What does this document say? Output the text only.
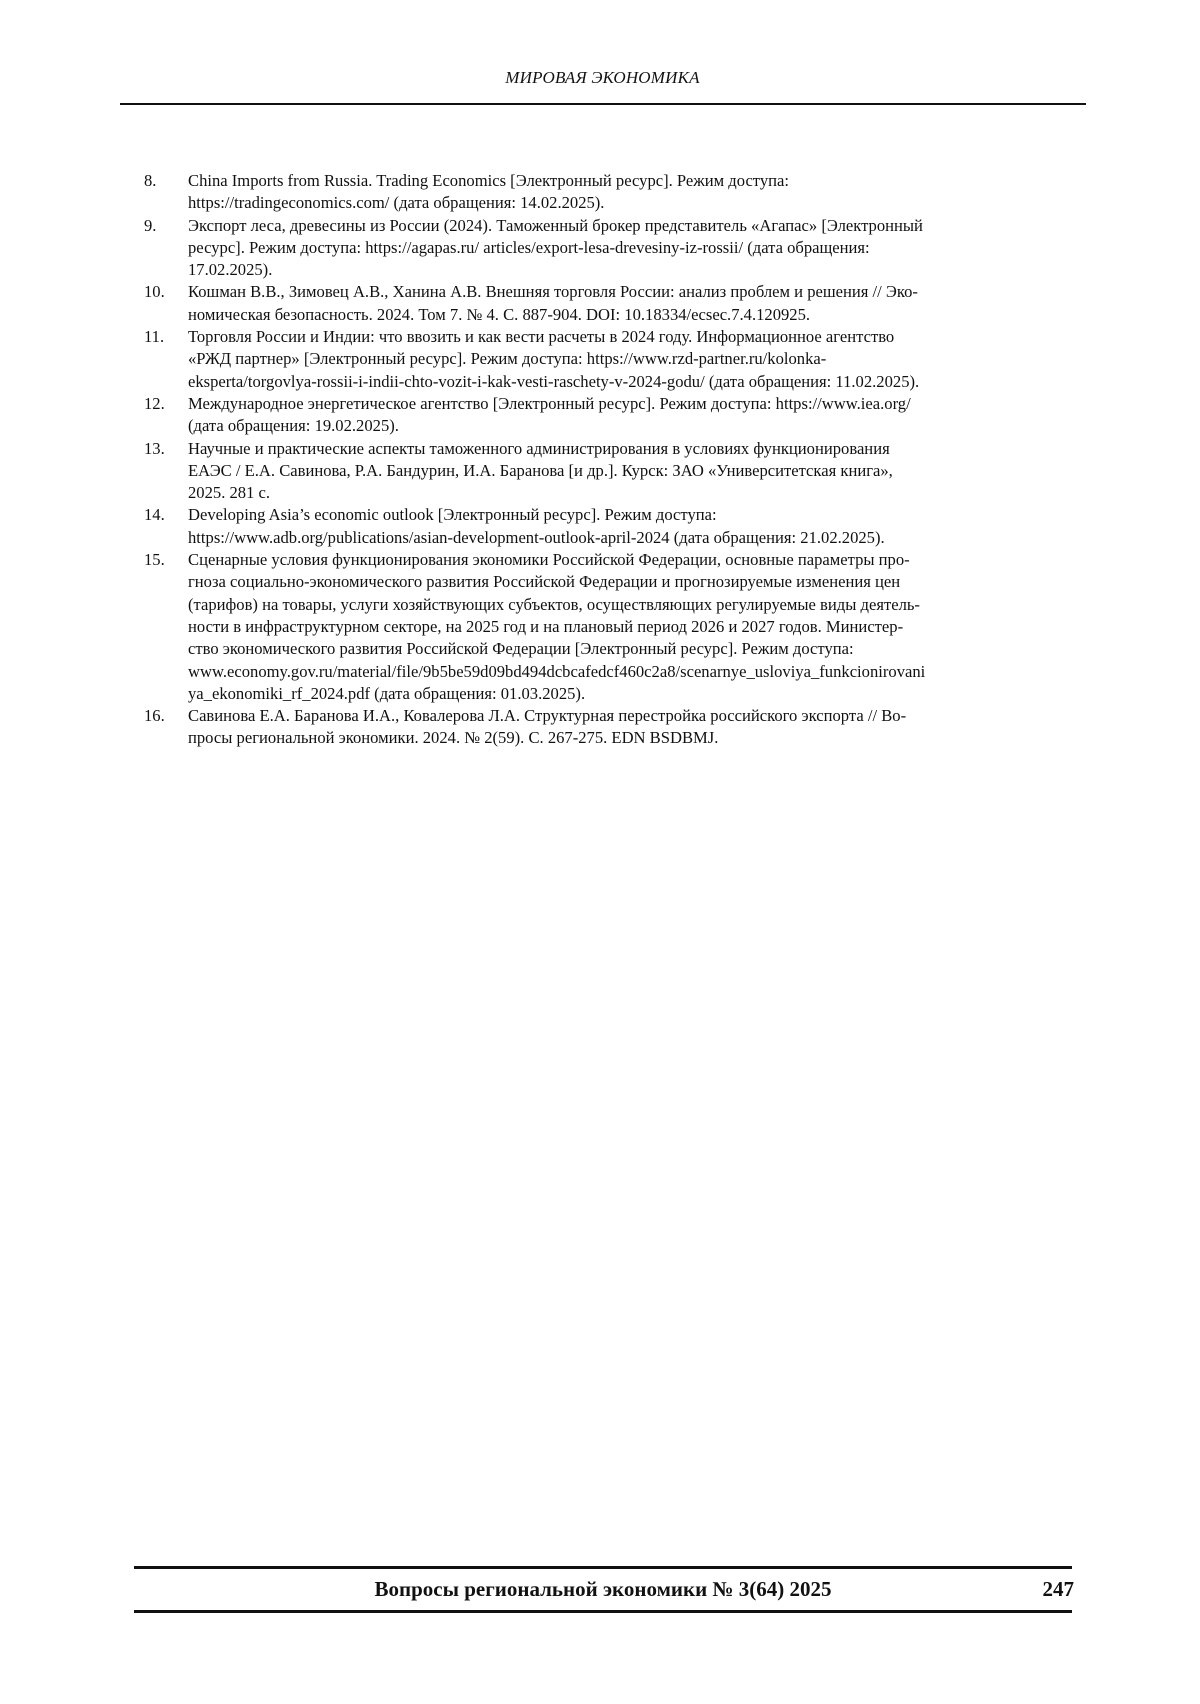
МИРОВАЯ ЭКОНОМИКА
8.	China Imports from Russia. Trading Economics [Электронный ресурс]. Режим доступа:
https://tradingeconomics.com/ (дата обращения: 14.02.2025).
9.	Экспорт леса, древесины из России (2024). Таможенный брокер представитель «Агапас» [Электронный
ресурс]. Режим доступа: https://agapas.ru/ articles/export-lesa-drevesiny-iz-rossii/ (дата обращения:
17.02.2025).
10.	Кошман В.В., Зимовец А.В., Ханина А.В. Внешняя торговля России: анализ проблем и решения // Эко-
номическая безопасность. 2024. Том 7. № 4. С. 887-904. DOI: 10.18334/ecsec.7.4.120925.
11.	Торговля России и Индии: что ввозить и как вести расчеты в 2024 году. Информационное агентство
«РЖД партнер» [Электронный ресурс]. Режим доступа: https://www.rzd-partner.ru/kolonka-
eksperta/torgovlya-rossii-i-indii-chto-vozit-i-kak-vesti-raschety-v-2024-godu/ (дата обращения: 11.02.2025).
12.	Международное энергетическое агентство [Электронный ресурс]. Режим доступа: https://www.iea.org/
(дата обращения: 19.02.2025).
13.	Научные и практические аспекты таможенного администрирования в условиях функционирования
ЕАЭС / Е.А. Савинова, Р.А. Бандурин, И.А. Баранова [и др.]. Курск: ЗАО «Университетская книга»,
2025. 281 с.
14.	Developing Asia’s economic outlook [Электронный ресурс]. Режим доступа:
https://www.adb.org/publications/asian-development-outlook-april-2024 (дата обращения: 21.02.2025).
15.	Сценарные условия функционирования экономики Российской Федерации, основные параметры про-
гноза социально-экономического развития Российской Федерации и прогнозируемые изменения цен
(тарифов) на товары, услуги хозяйствующих субъектов, осуществляющих регулируемые виды деятель-
ности в инфраструктурном секторе, на 2025 год и на плановый период 2026 и 2027 годов. Министер-
ство экономического развития Российской Федерации [Электронный ресурс]. Режим доступа:
www.economy.gov.ru/material/file/9b5be59d09bd494dcbcafedcf460c2a8/scenarnye_usloviya_funkcionirovani
ya_ekonomiki_rf_2024.pdf (дата обращения: 01.03.2025).
16.	Савинова Е.А. Баранова И.А., Ковалерова Л.А. Структурная перестройка российского экспорта // Во-
просы региональной экономики. 2024. № 2(59). С. 267-275. EDN BSDBMJ.
Вопросы региональной экономики № 3(64) 2025	247
